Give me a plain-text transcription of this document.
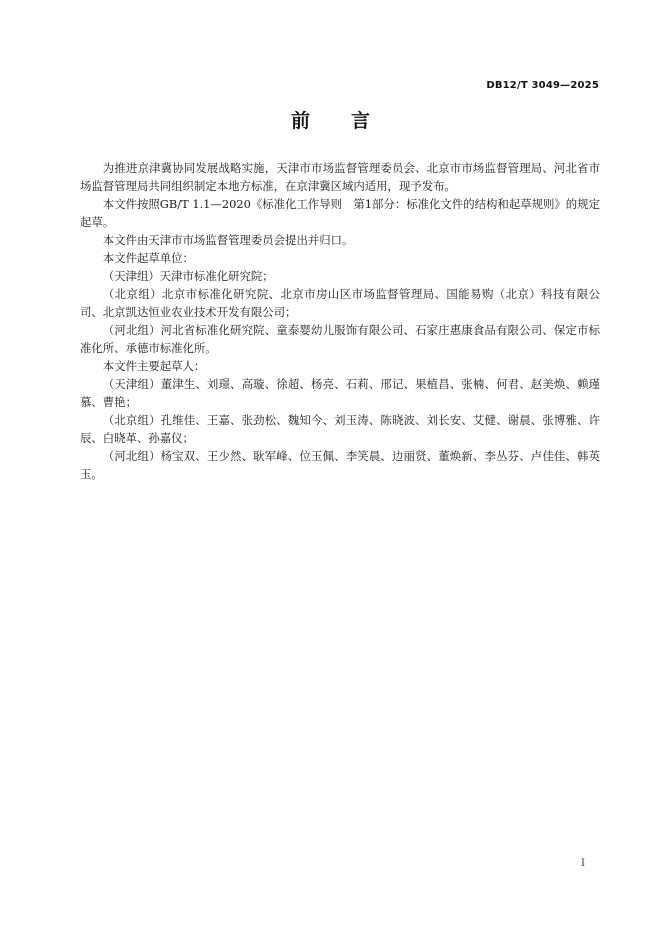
DB12/T 3049—2025
前　　言

为推进京津冀协同发展战略实施，天津市市场监督管理委员会、北京市市场监督管理局、河北省市场监督管理局共同组织制定本地方标准，在京津冀区域内适用，现予发布。

本文件按照GB/T 1.1—2020《标准化工作导则　第1部分：标准化文件的结构和起草规则》的规定起草。

本文件由天津市市场监督管理委员会提出并归口。

本文件起草单位：

（天津组）天津市标准化研究院；

（北京组）北京市标准化研究院、北京市房山区市场监督管理局、国能易购（北京）科技有限公司、北京凯达恒业农业技术开发有限公司；

（河北组）河北省标准化研究院、童泰婴幼儿服饰有限公司、石家庄惠康食品有限公司、保定市标准化所、承德市标准化所。

本文件主要起草人：

（天津组）董津生、刘璟、高璇、徐超、杨亮、石莉、邢记、果植昌、张楠、何君、赵美焕、赖瑾慕、曹艳；

（北京组）孔维佳、王嘉、张劲松、魏知今、刘玉涛、陈晓波、刘长安、艾健、谢晨、张博雅、许辰、白晓革、孙嘉仪；

（河北组）杨宝双、王少然、耿军峰、位玉佩、李笑晨、边丽贤、董焕新、李丛芬、卢佳佳、韩英玉。

I
